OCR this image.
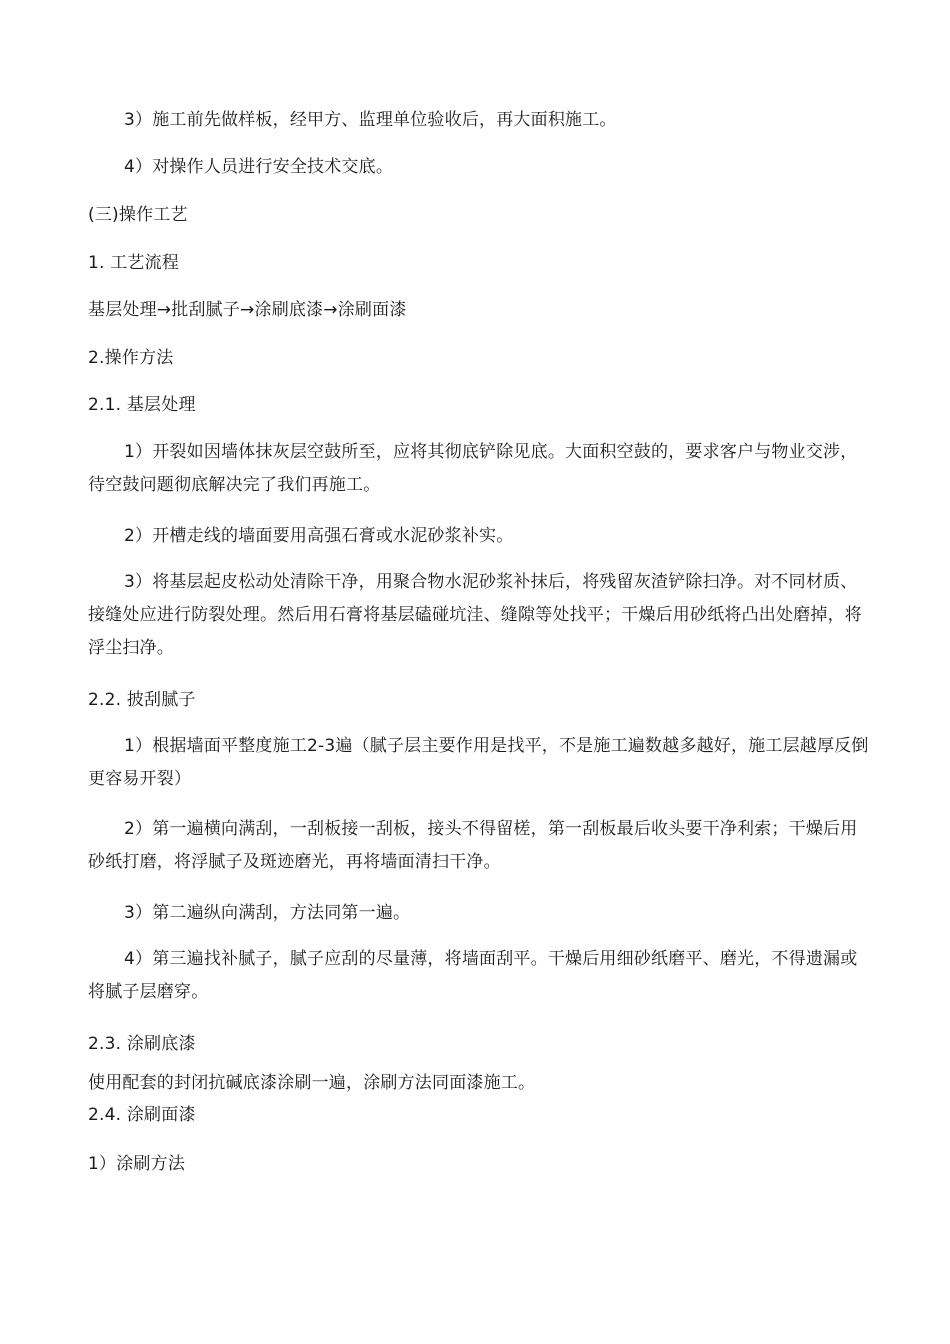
3）施工前先做样板，经甲方、监理单位验收后，再大面积施工。
4）对操作人员进行安全技术交底。
(三)操作工艺
1. 工艺流程
基层处理→批刮腻子→涂刷底漆→涂刷面漆
2.操作方法
2.1. 基层处理
1）开裂如因墙体抹灰层空鼓所至，应将其彻底铲除见底。大面积空鼓的，要求客户与物业交涉，待空鼓问题彻底解决完了我们再施工。
2）开槽走线的墙面要用高强石膏或水泥砂浆补实。
3）将基层起皮松动处清除干净，用聚合物水泥砂浆补抹后，将残留灰渣铲除扫净。对不同材质、接缝处应进行防裂处理。然后用石膏将基层磕碰坑洼、缝隙等处找平；干燥后用砂纸将凸出处磨掉，将浮尘扫净。
2.2. 披刮腻子
1）根据墙面平整度施工2-3遍（腻子层主要作用是找平，不是施工遍数越多越好，施工层越厚反倒更容易开裂）
2）第一遍横向满刮，一刮板接一刮板，接头不得留槎，第一刮板最后收头要干净利索；干燥后用砂纸打磨，将浮腻子及斑迹磨光，再将墙面清扫干净。
3）第二遍纵向满刮，方法同第一遍。
4）第三遍找补腻子，腻子应刮的尽量薄，将墙面刮平。干燥后用细砂纸磨平、磨光，不得遗漏或将腻子层磨穿。
2.3. 涂刷底漆
使用配套的封闭抗碱底漆涂刷一遍，涂刷方法同面漆施工。
2.4. 涂刷面漆
1）涂刷方法
